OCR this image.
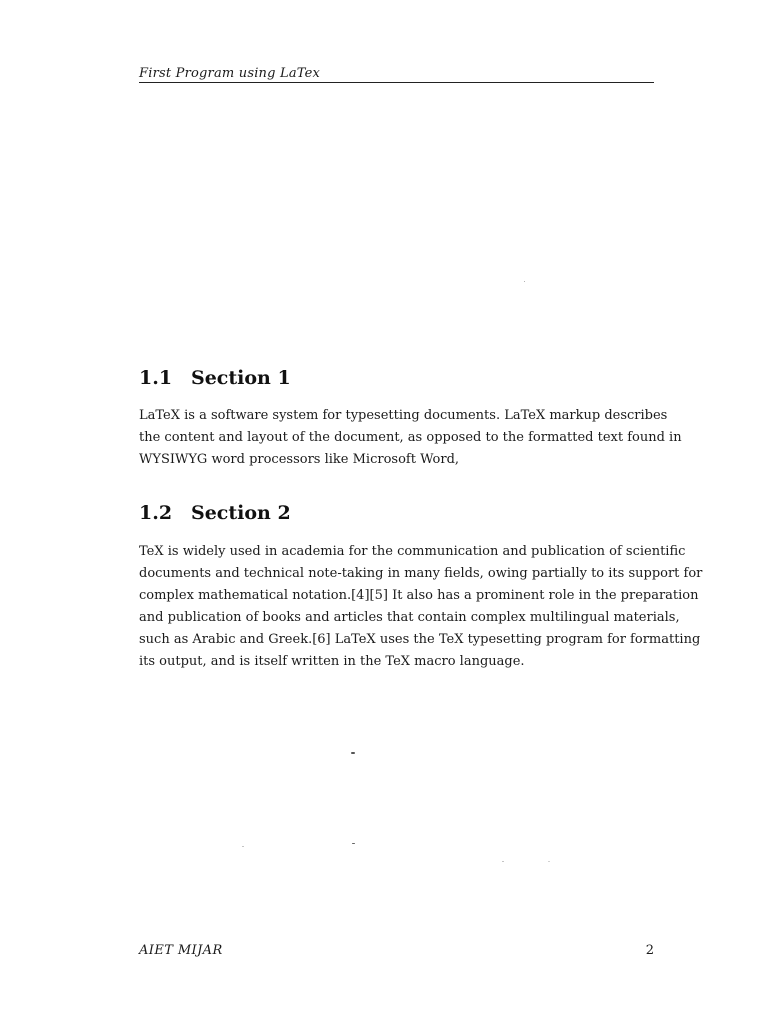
First Program using LaTex
1.1 Section 1
LaTeX is a software system for typesetting documents. LaTeX markup describes
the content and layout of the document, as opposed to the formatted text found in
WYSIWYG word processors like Microsoft Word,
1.2 Section 2
TeX is widely used in academia for the communication and publication of scientific
documents and technical note-taking in many fields, owing partially to its support for
complex mathematical notation.[4][5] It also has a prominent role in the preparation
and publication of books and articles that contain complex multilingual materials,
such as Arabic and Greek.[6] LaTeX uses the TeX typesetting program for formatting
its output, and is itself written in the TeX macro language.
AIET MIJAR	2
